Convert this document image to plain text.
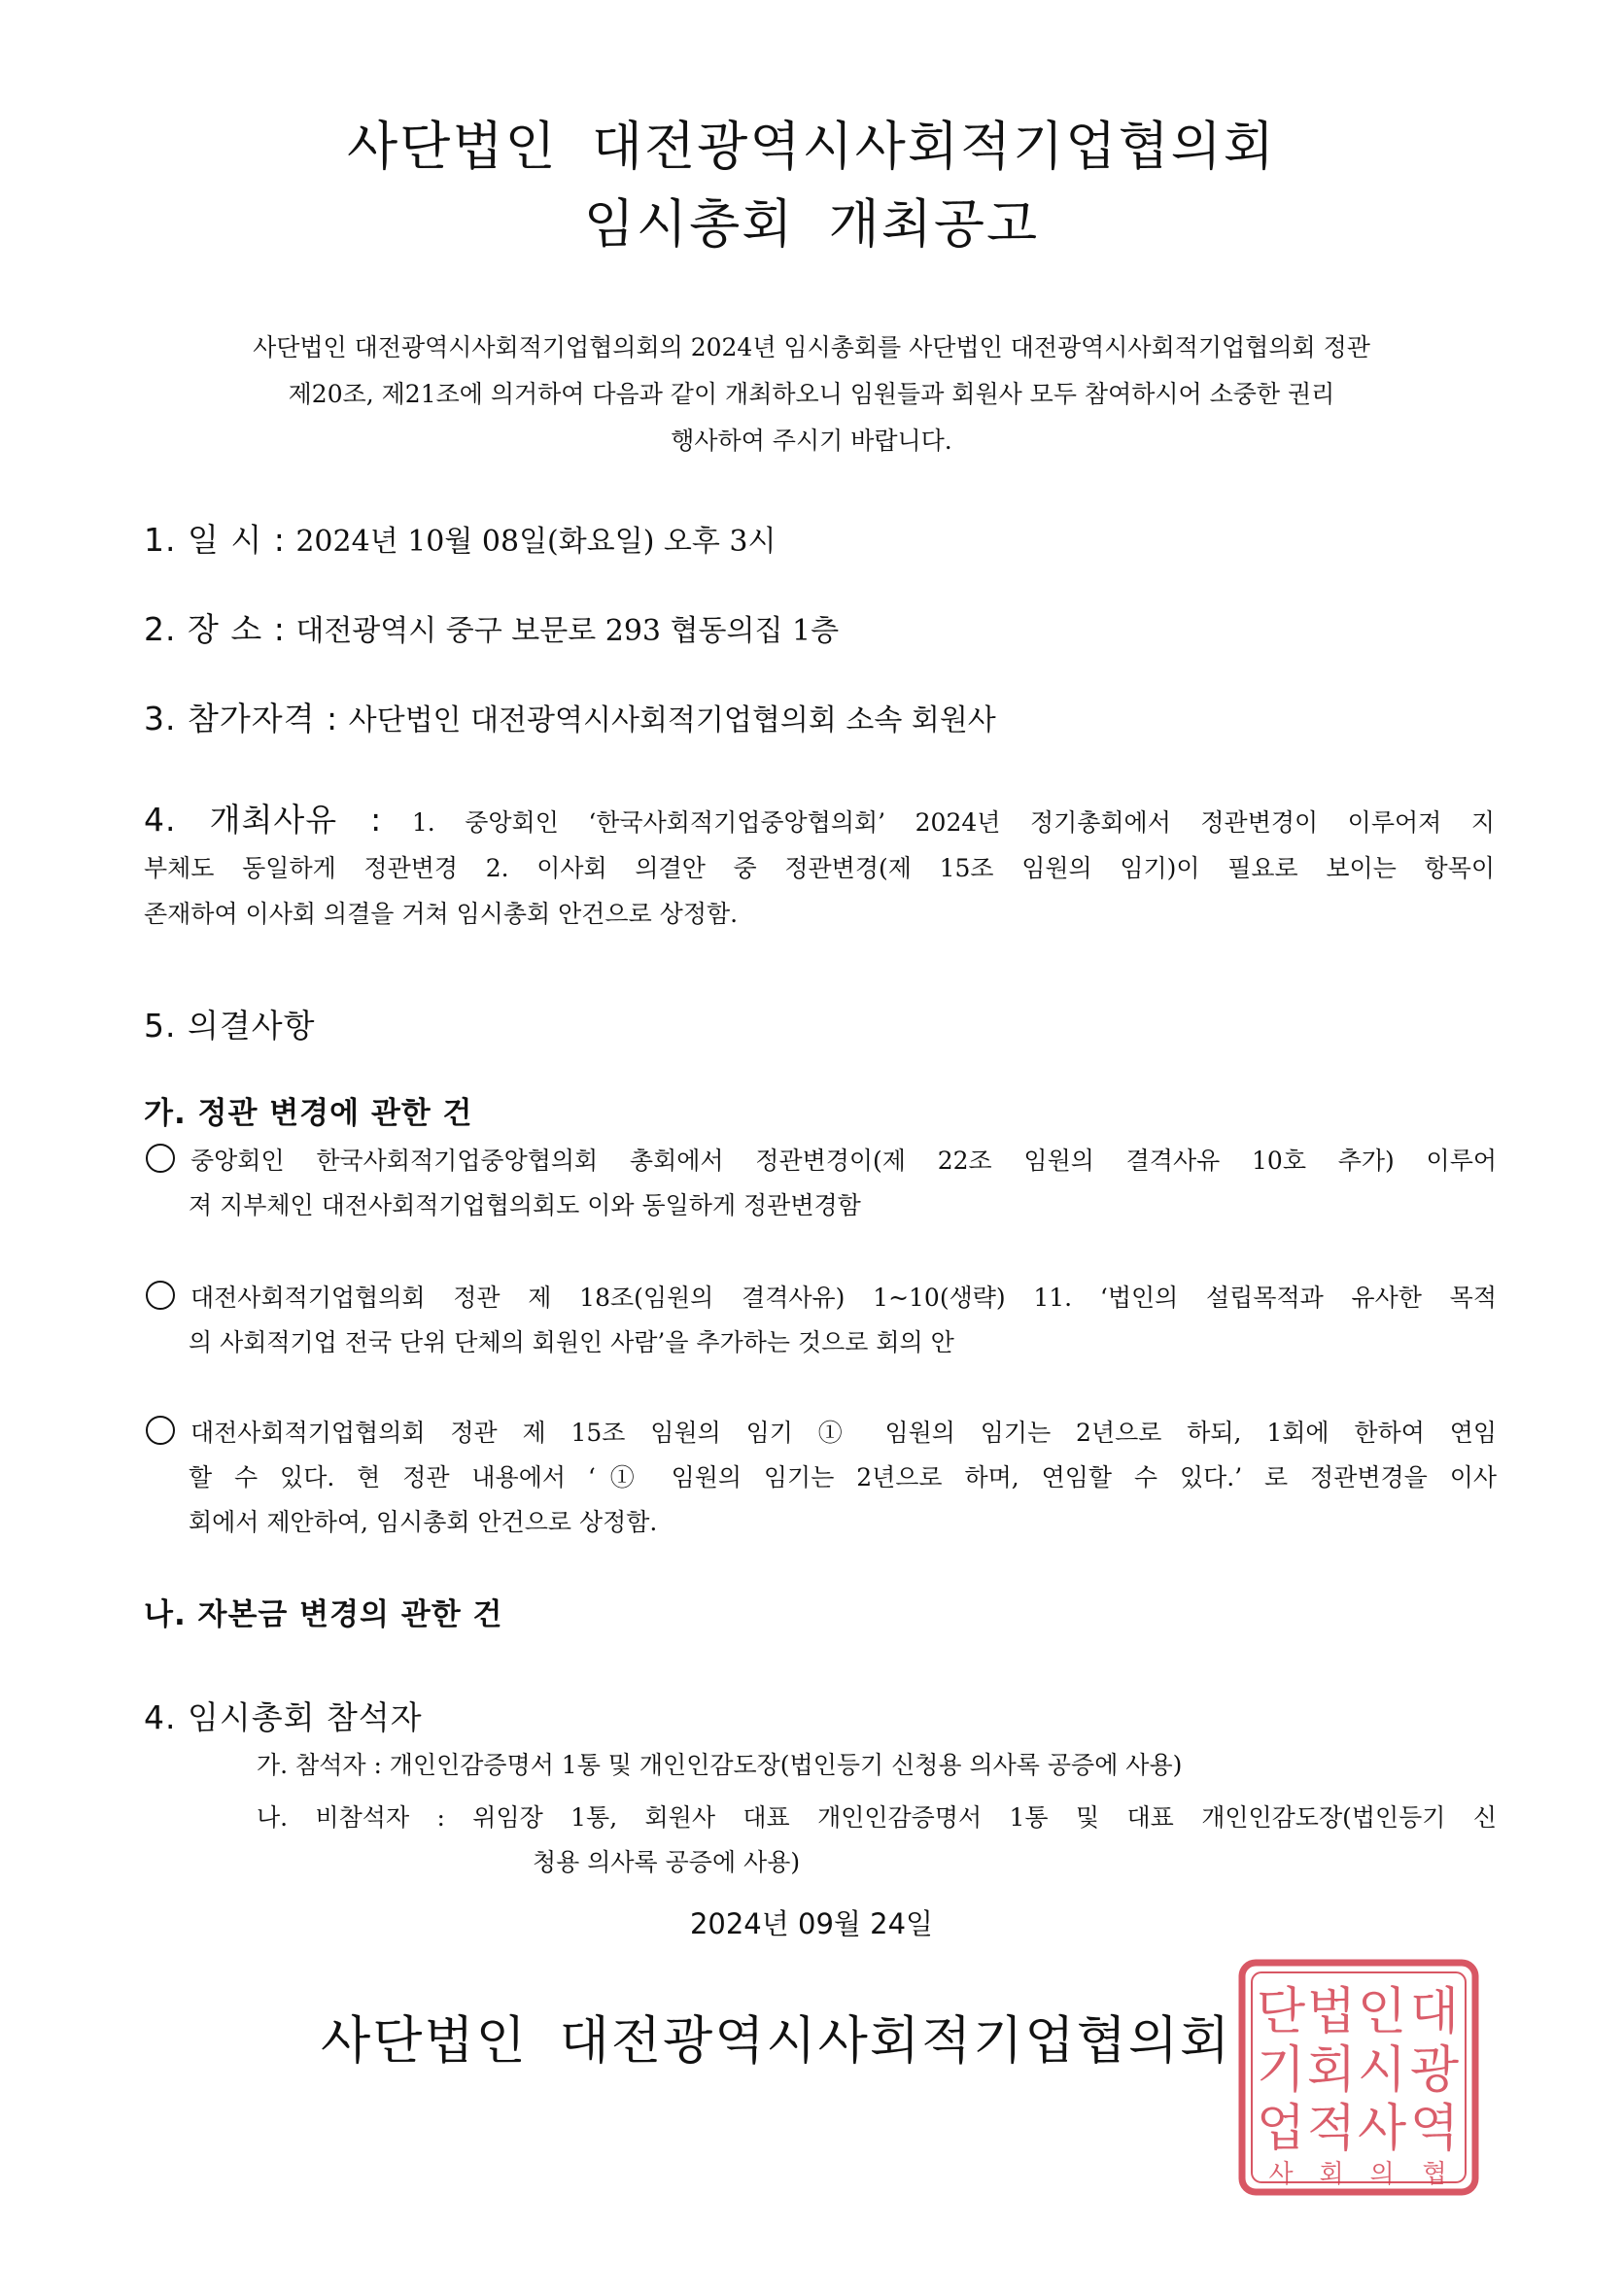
사단법인 대전광역시사회적기업협의회
임시총회 개최공고
사단법인 대전광역시사회적기업협의회의 2024년 임시총회를 사단법인 대전광역시사회적기업협의회 정관
제20조, 제21조에 의거하여 다음과 같이 개최하오니 임원들과 회원사 모두 참여하시어 소중한 권리
행사하여 주시기 바랍니다.
1. 일 시 : 2024년 10월 08일(화요일) 오후 3시
2. 장 소 : 대전광역시 중구 보문로 293 협동의집 1층
3. 참가자격 : 사단법인 대전광역시사회적기업협의회 소속 회원사
4. 개최사유 : 1. 중앙회인 ‘한국사회적기업중앙협의회’ 2024년 정기총회에서 정관변경이 이루어져 지
부체도 동일하게 정관변경 2. 이사회 의결안 중 정관변경(제 15조 임원의 임기)이 필요로 보이는 항목이
존재하여 이사회 의결을 거쳐 임시총회 안건으로 상정함.
5. 의결사항
가. 정관 변경에 관한 건
중앙회인 한국사회적기업중앙협의회 총회에서 정관변경이(제 22조 임원의 결격사유 10호 추가) 이루어
져 지부체인 대전사회적기업협의회도 이와 동일하게 정관변경함
대전사회적기업협의회 정관 제 18조(임원의 결격사유) 1~10(생략) 11. ‘법인의 설립목적과 유사한 목적
의 사회적기업 전국 단위 단체의 회원인 사람’을 추가하는 것으로 회의 안
대전사회적기업협의회 정관 제 15조 임원의 임기 ① 임원의 임기는 2년으로 하되, 1회에 한하여 연임
할 수 있다. 현 정관 내용에서 ‘① 임원의 임기는 2년으로 하며, 연임할 수 있다.’ 로 정관변경을 이사
회에서 제안하여, 임시총회 안건으로 상정함.
나. 자본금 변경의 관한 건
4. 임시총회 참석자
가. 참석자 : 개인인감증명서 1통 및 개인인감도장(법인등기 신청용 의사록 공증에 사용)
나. 비참석자 : 위임장 1통, 회원사 대표 개인인감증명서 1통 및 대표 개인인감도장(법인등기 신
청용 의사록 공증에 사용)
2024년 09월 24일
사단법인 대전광역시사회적기업협의회	대
광
역
인
시
사
법
회
적
단
기
업
협
의
회
사
